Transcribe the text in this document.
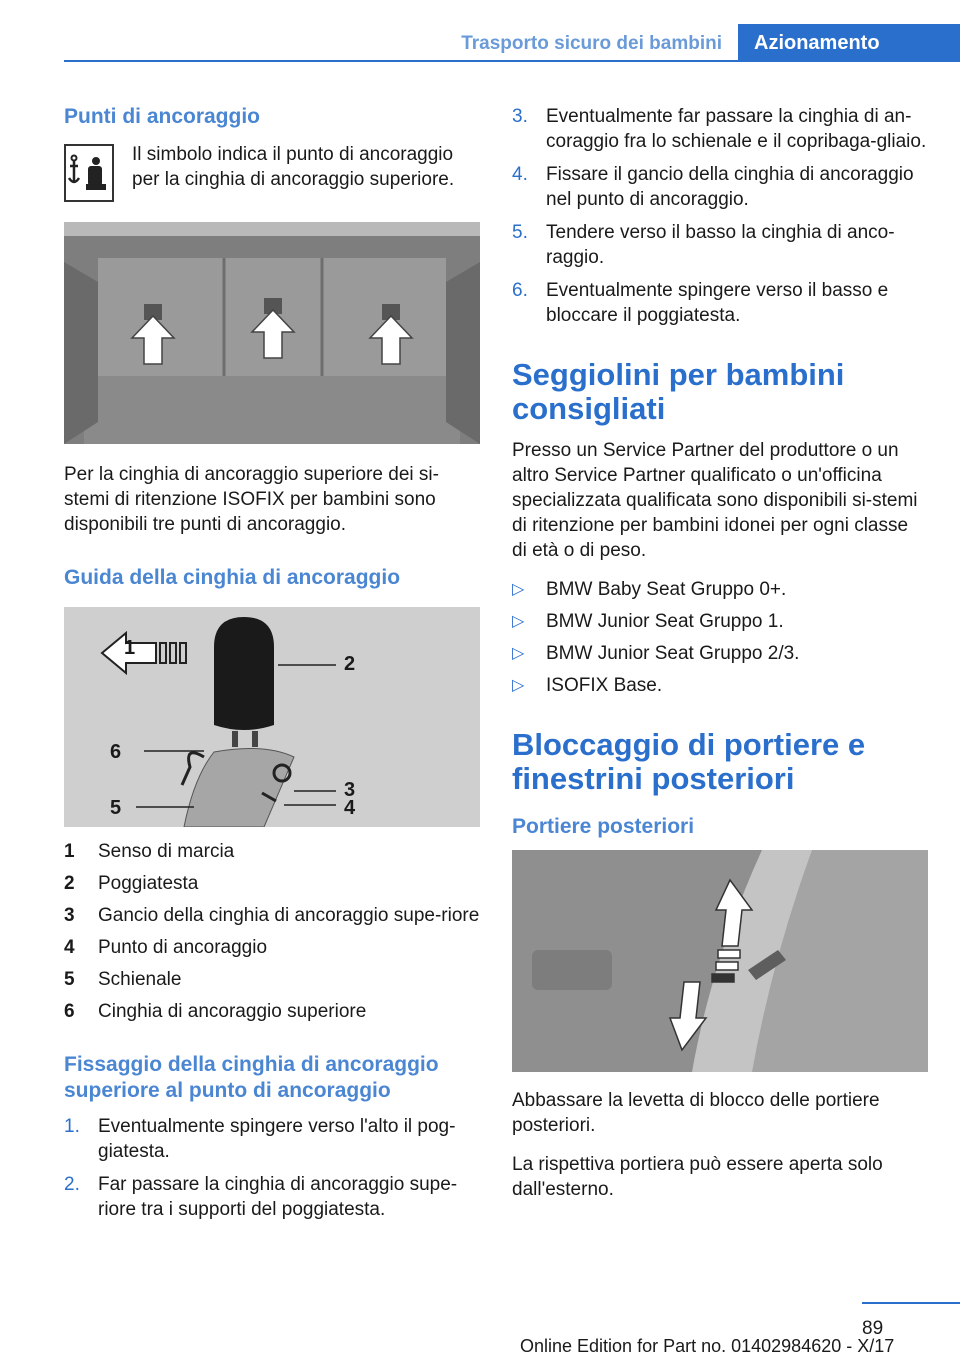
Trasporto sicuro dei bambini	Azionamento
Punti di ancoraggio
Il simbolo indica il punto di ancoraggio per la cinghia di ancoraggio superiore.

Per la cinghia di ancoraggio superiore dei si-stemi di ritenzione ISOFIX per bambini sono disponibili tre punti di ancoraggio.

Guida della cinghia di ancoraggio
1
2
3
4
5
6
1 Senso di marcia
2 Poggiatesta
3 Gancio della cinghia di ancoraggio supe-riore
4 Punto di ancoraggio
5 Schienale
6 Cinghia di ancoraggio superiore
Fissaggio della cinghia di ancoraggio superiore al punto di ancoraggio
1. Eventualmente spingere verso l'alto il pog-giatesta.
2. Far passare la cinghia di ancoraggio supe-riore tra i supporti del poggiatesta.
3. Eventualmente far passare la cinghia di an-coraggio fra lo schienale e il copribaga-gliaio.
4. Fissare il gancio della cinghia di ancoraggio nel punto di ancoraggio.
5. Tendere verso il basso la cinghia di anco-raggio.
6. Eventualmente spingere verso il basso e bloccare il poggiatesta.
Seggiolini per bambini consigliati

Presso un Service Partner del produttore o un altro Service Partner qualificato o un'officina specializzata qualificata sono disponibili si-stemi di ritenzione per bambini idonei per ogni classe di età o di peso.

▷ BMW Baby Seat Gruppo 0+.
▷ BMW Junior Seat Gruppo 1.
▷ BMW Junior Seat Gruppo 2/3.
▷ ISOFIX Base.
Bloccaggio di portiere e finestrini posteriori
Portiere posteriori

Abbassare la levetta di blocco delle portiere posteriori.

La rispettiva portiera può essere aperta solo dall'esterno.

89
Online Edition for Part no. 01402984620 - X/17
